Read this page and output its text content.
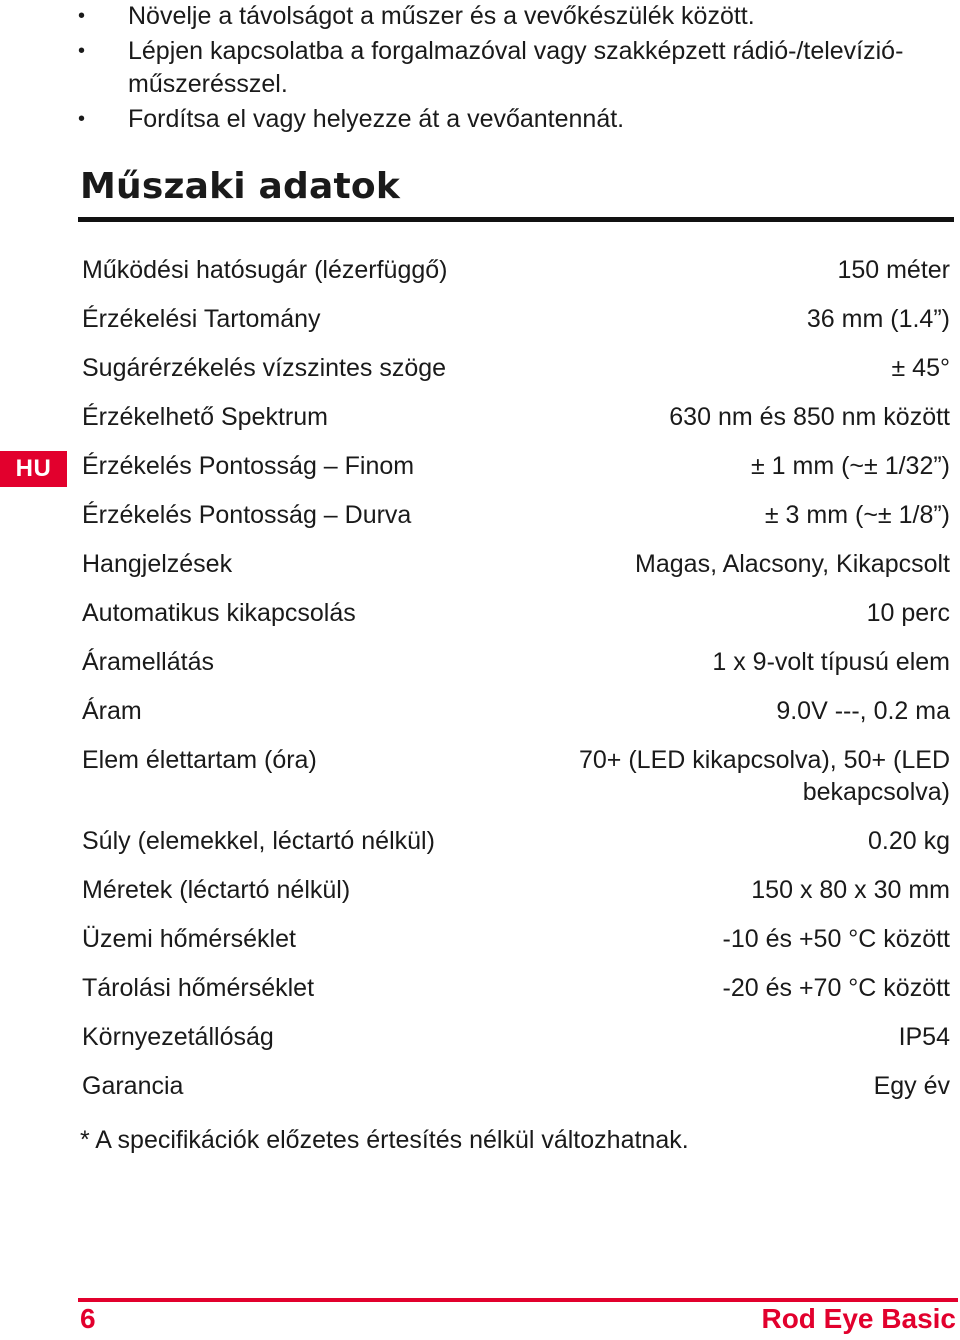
• Növelje a távolságot a műszer és a vevőkészülék között.
• Lépjen kapcsolatba a forgalmazóval vagy szakképzett rádió-/televízió-műszerésszel.
• Fordítsa el vagy helyezze át a vevőantennát.
Műszaki adatok
HU
Működési hatósugár (lézerfüggő)	150 méter
Érzékelési Tartomány	36 mm (1.4”)
Sugárérzékelés vízszintes szöge	± 45°
Érzékelhető Spektrum	630 nm és 850 nm között
Érzékelés Pontosság – Finom	± 1 mm (~± 1/32”)
Érzékelés Pontosság – Durva	± 3 mm (~± 1/8”)
Hangjelzések	Magas, Alacsony, Kikapcsolt
Automatikus kikapcsolás	10 perc
Áramellátás	1 x 9-volt típusú elem
Áram	9.0V ---, 0.2 ma
Elem élettartam (óra)	70+ (LED kikapcsolva), 50+ (LED bekapcsolva)
Súly (elemekkel, léctartó nélkül)	0.20 kg
Méretek (léctartó nélkül)	150 x 80 x 30 mm
Üzemi hőmérséklet	-10 és +50 °C között
Tárolási hőmérséklet	-20 és +70 °C között
Környezetállóság	IP54
Garancia	Egy év
* A specifikációk előzetes értesítés nélkül változhatnak.
6	Rod Eye Basic
